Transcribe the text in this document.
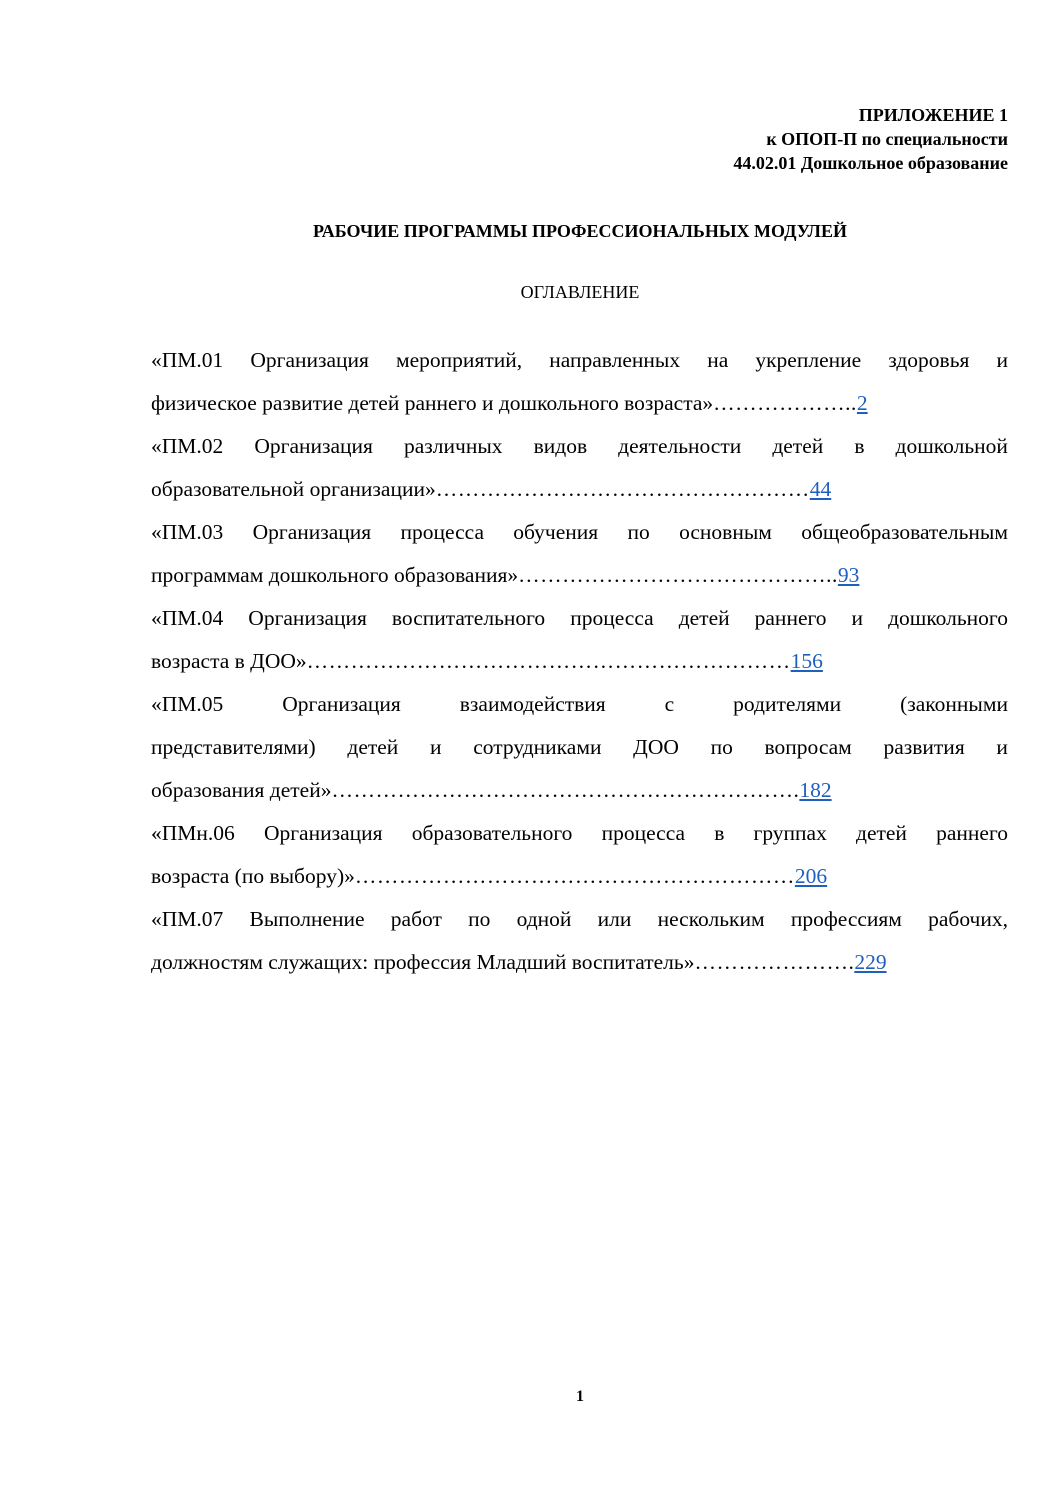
ПРИЛОЖЕНИЕ 1
к ОПОП-П по специальности
44.02.01 Дошкольное образование
РАБОЧИЕ ПРОГРАММЫ ПРОФЕССИОНАЛЬНЫХ МОДУЛЕЙ
ОГЛАВЛЕНИЕ
«ПМ.01 Организация мероприятий, направленных на укрепление здоровья и
физическое развитие детей раннего и дошкольного возраста» ……………….. 2
«ПМ.02 Организация различных видов деятельности детей в дошкольной
образовательной организации» …………………………………………… 44
«ПМ.03 Организация процесса обучения по основным общеобразовательным
программам дошкольного образования» …………………………………….. 93
«ПМ.04 Организация воспитательного процесса детей раннего и дошкольного
возраста в ДОО» ………………………………………………………… 156
«ПМ.05	Организация	взаимодействия	с	родителями	(законными
представителями) детей и сотрудниками ДОО по вопросам развития и
образования детей» ………………………………………………………. 182
«ПМн.06 Организация образовательного процесса в группах детей раннего
возраста (по выбору)» …………………………………………………… 206
«ПМ.07 Выполнение работ по одной или нескольким профессиям рабочих,
должностям служащих: профессия Младший воспитатель» …………………. 229
1
